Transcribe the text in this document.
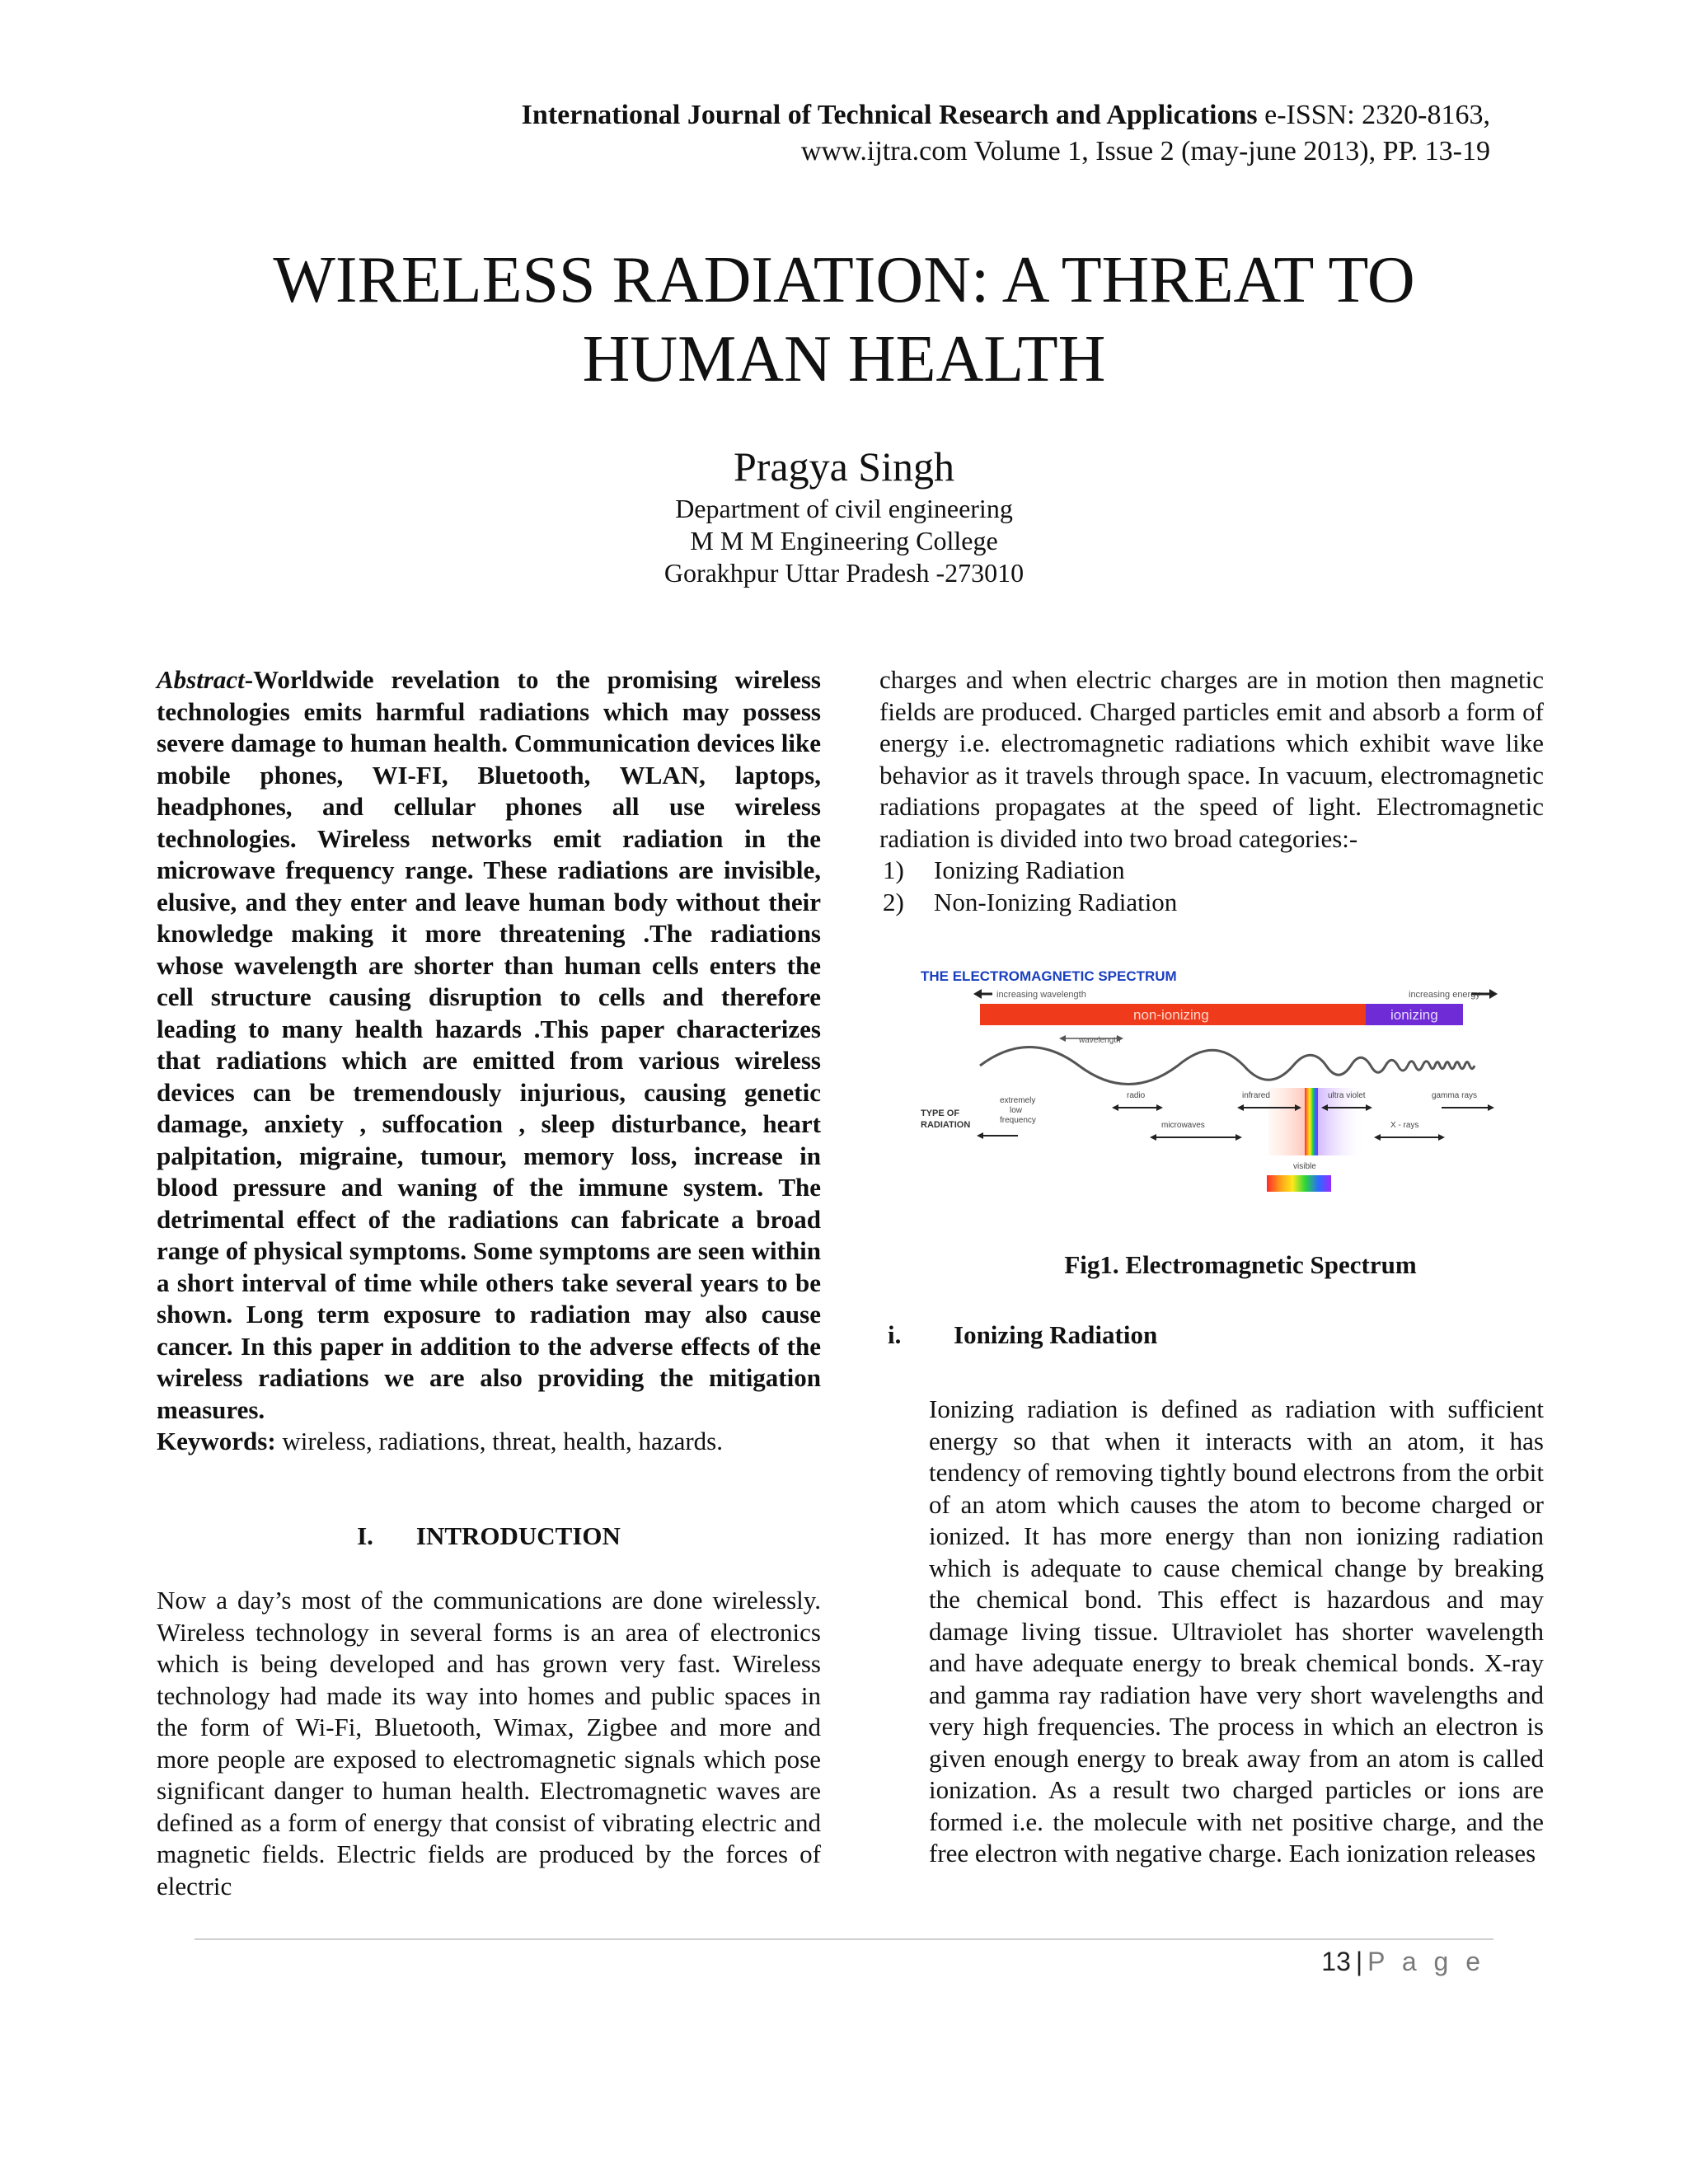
International Journal of Technical Research and Applications e-ISSN: 2320-8163,
www.ijtra.com Volume 1, Issue 2 (may-june 2013), PP. 13-19
WIRELESS RADIATION: A THREAT TO
HUMAN HEALTH
Pragya Singh
Department of civil engineering
M M M Engineering College
Gorakhpur Uttar Pradesh -273010

Abstract-Worldwide revelation to the promising wireless technologies emits harmful radiations which may possess severe damage to human health. Communication devices like mobile phones, WI-FI, Bluetooth, WLAN, laptops, headphones, and cellular phones all use wireless technologies. Wireless networks emit radiation in the microwave frequency range. These radiations are invisible, elusive, and they enter and leave human body without their knowledge making it more threatening .The radiations whose wavelength are shorter than human cells enters the cell structure causing disruption to cells and therefore leading to many health hazards .This paper characterizes that radiations which are emitted from various wireless devices can be tremendously injurious, causing genetic damage, anxiety , suffocation , sleep disturbance, heart palpitation, migraine, tumour, memory loss, increase in blood pressure and waning of the immune system. The detrimental effect of the radiations can fabricate a broad range of physical symptoms. Some symptoms are seen within a short interval of time while others take several years to be shown. Long term exposure to radiation may also cause cancer. In this paper in addition to the adverse effects of the wireless radiations we are also providing the mitigation measures.

Keywords: wireless, radiations, threat, health, hazards.

I. INTRODUCTION

Now a day’s most of the communications are done wirelessly. Wireless technology in several forms is an area of electronics which is being developed and has grown very fast. Wireless technology had made its way into homes and public spaces in the form of Wi-Fi, Bluetooth, Wimax, Zigbee and more and more people are exposed to electromagnetic signals which pose significant danger to human health. Electromagnetic waves are defined as a form of energy that consist of vibrating electric and magnetic fields. Electric fields are produced by the forces of electric

charges and when electric charges are in motion then magnetic fields are produced. Charged particles emit and absorb a form of energy i.e. electromagnetic radiations which exhibit wave like behavior as it travels through space. In vacuum, electromagnetic radiations propagates at the speed of light. Electromagnetic radiation is divided into two broad categories:-

1) Ionizing Radiation
2) Non-Ionizing Radiation
THE ELECTROMAGNETIC SPECTRUM
increasing wavelength	increasing energy
non-ionizing	ionizing
wavelength
TYPE OF
RADIATION
extremely
low
frequency
radio
microwaves
infrared	ultra violet	gamma rays
X - rays
visible
Fig1. Electromagnetic Spectrum
i. Ionizing Radiation

Ionizing radiation is defined as radiation with sufficient energy so that when it interacts with an atom, it has tendency of removing tightly bound electrons from the orbit of an atom which causes the atom to become charged or ionized. It has more energy than non ionizing radiation which is adequate to cause chemical change by breaking the chemical bond. This effect is hazardous and may damage living tissue. Ultraviolet has shorter wavelength and have adequate energy to break chemical bonds. X-ray and gamma ray radiation have very short wavelengths and very high frequencies. The process in which an electron is given enough energy to break away from an atom is called ionization. As a result two charged particles or ions are formed i.e. the molecule with net positive charge, and the free electron with negative charge. Each ionization releases

13 | P a g e
